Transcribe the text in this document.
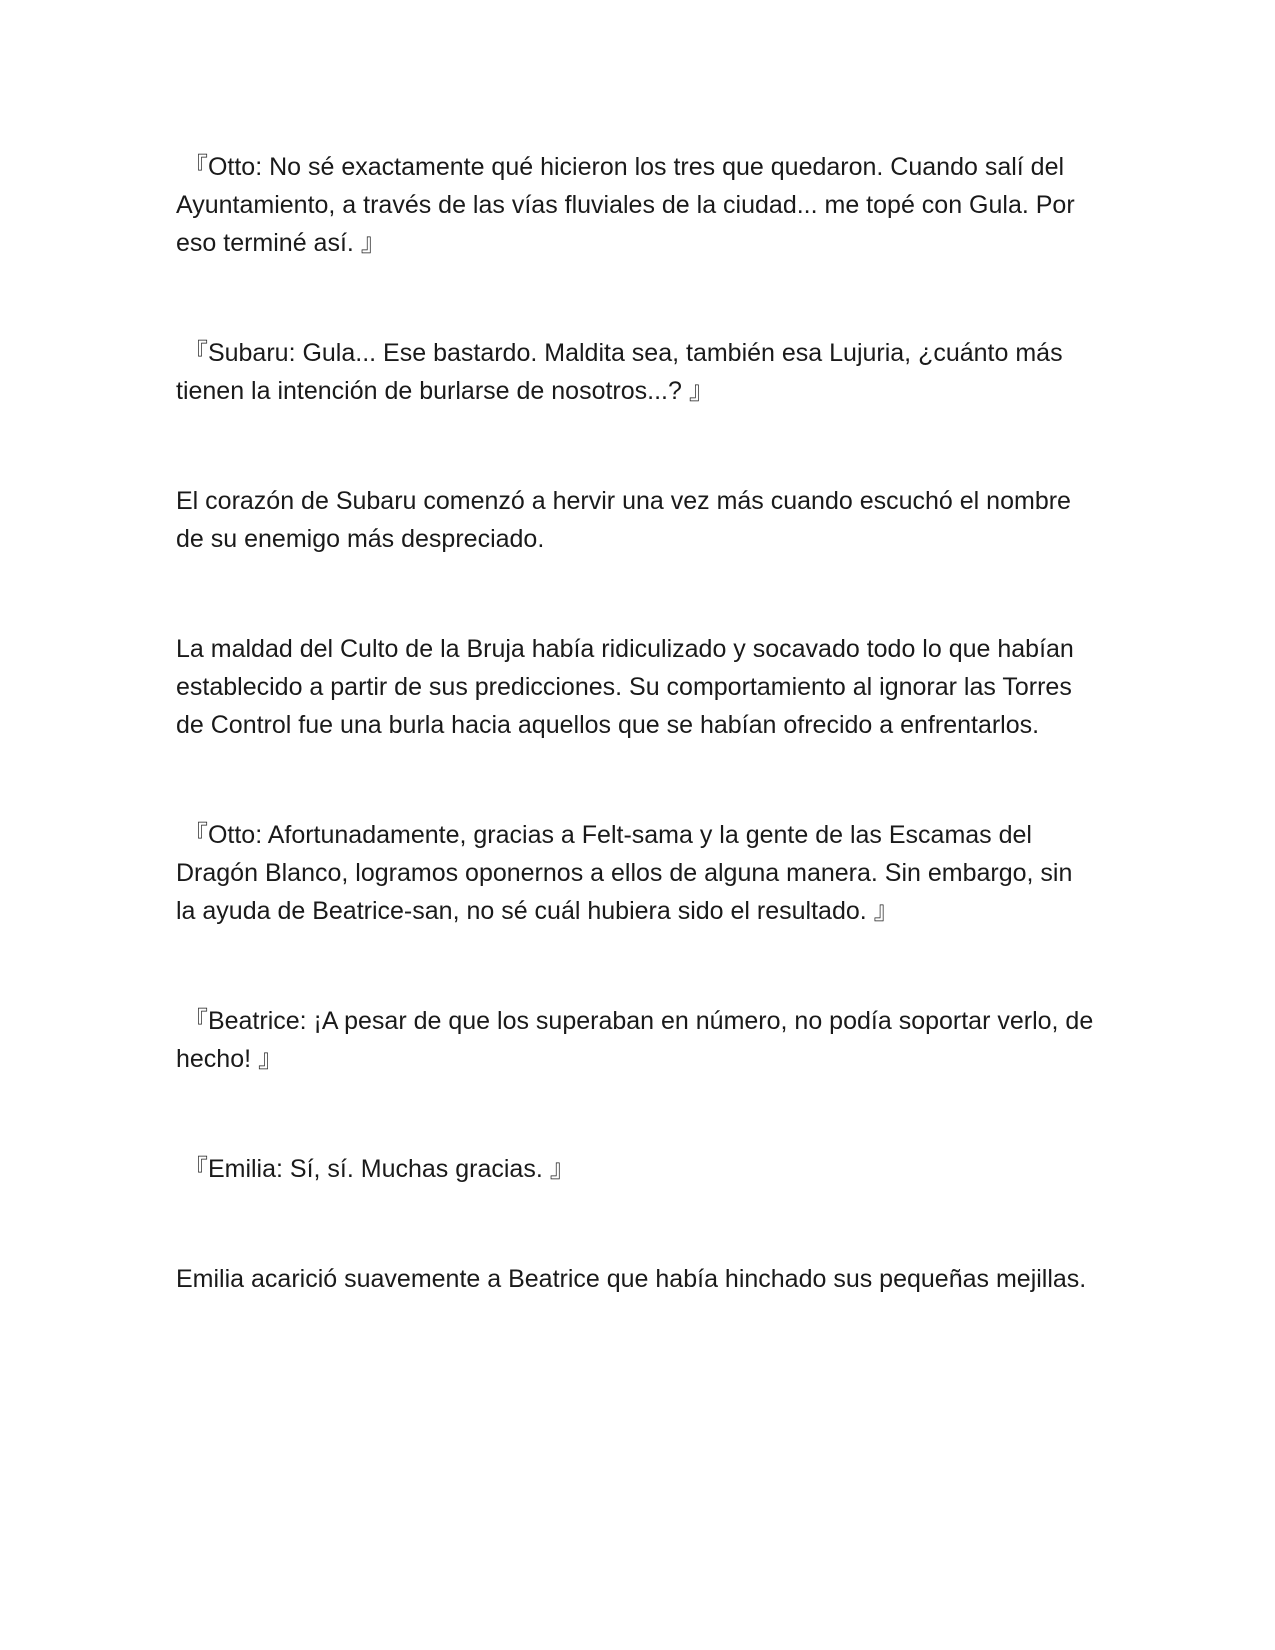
『Otto: No sé exactamente qué hicieron los tres que quedaron. Cuando salí del Ayuntamiento, a través de las vías fluviales de la ciudad... me topé con Gula. Por eso terminé así. 』

『Subaru: Gula... Ese bastardo. Maldita sea, también esa Lujuria, ¿cuánto más tienen la intención de burlarse de nosotros...? 』

El corazón de Subaru comenzó a hervir una vez más cuando escuchó el nombre de su enemigo más despreciado.

La maldad del Culto de la Bruja había ridiculizado y socavado todo lo que habían establecido a partir de sus predicciones. Su comportamiento al ignorar las Torres de Control fue una burla hacia aquellos que se habían ofrecido a enfrentarlos.

『Otto: Afortunadamente, gracias a Felt-sama y la gente de las Escamas del Dragón Blanco, logramos oponernos a ellos de alguna manera. Sin embargo, sin la ayuda de Beatrice-san, no sé cuál hubiera sido el resultado. 』

『Beatrice: ¡A pesar de que los superaban en número, no podía soportar verlo, de hecho! 』

『Emilia: Sí, sí. Muchas gracias. 』

Emilia acarició suavemente a Beatrice que había hinchado sus pequeñas mejillas.
